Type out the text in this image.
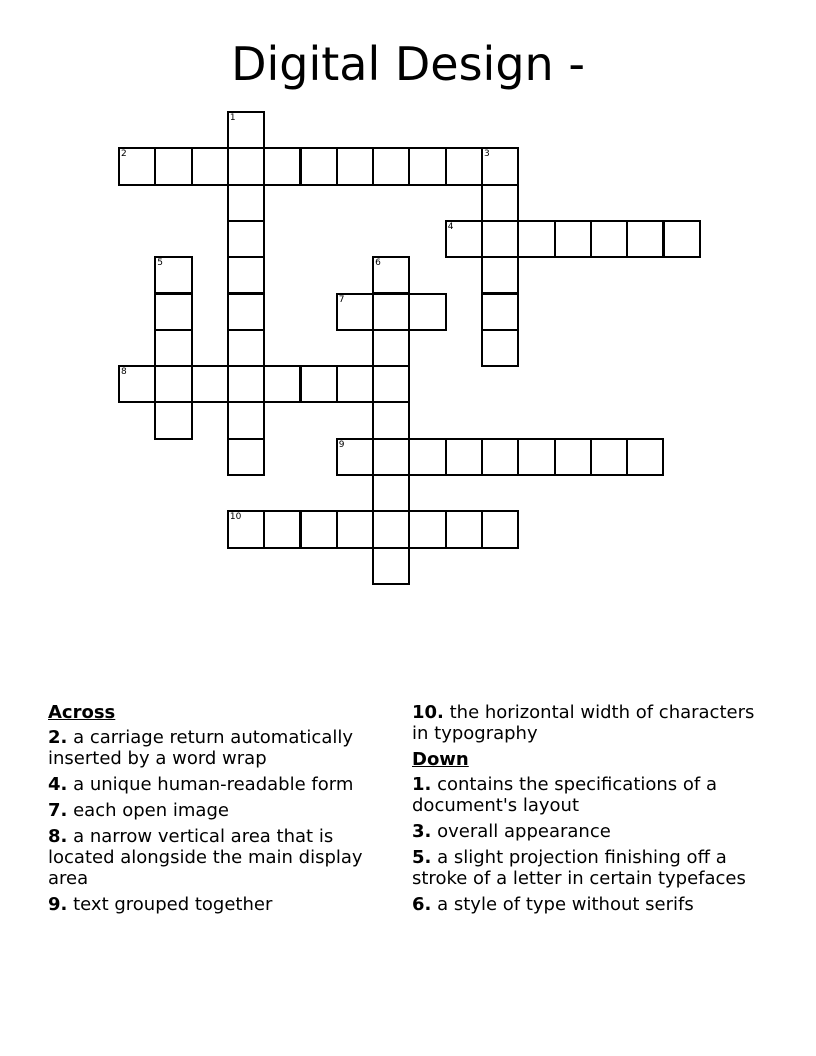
Digital Design -
1
2	3
4
5	6
7
8
9
10
Across
2. a carriage return automatically inserted by a word wrap
4. a unique human-readable form
7. each open image
8. a narrow vertical area that is located alongside the main display area
9. text grouped together
10. the horizontal width of characters in typography
Down
1. contains the specifications of a document's layout
3. overall appearance
5. a slight projection finishing off a stroke of a letter in certain typefaces
6. a style of type without serifs
